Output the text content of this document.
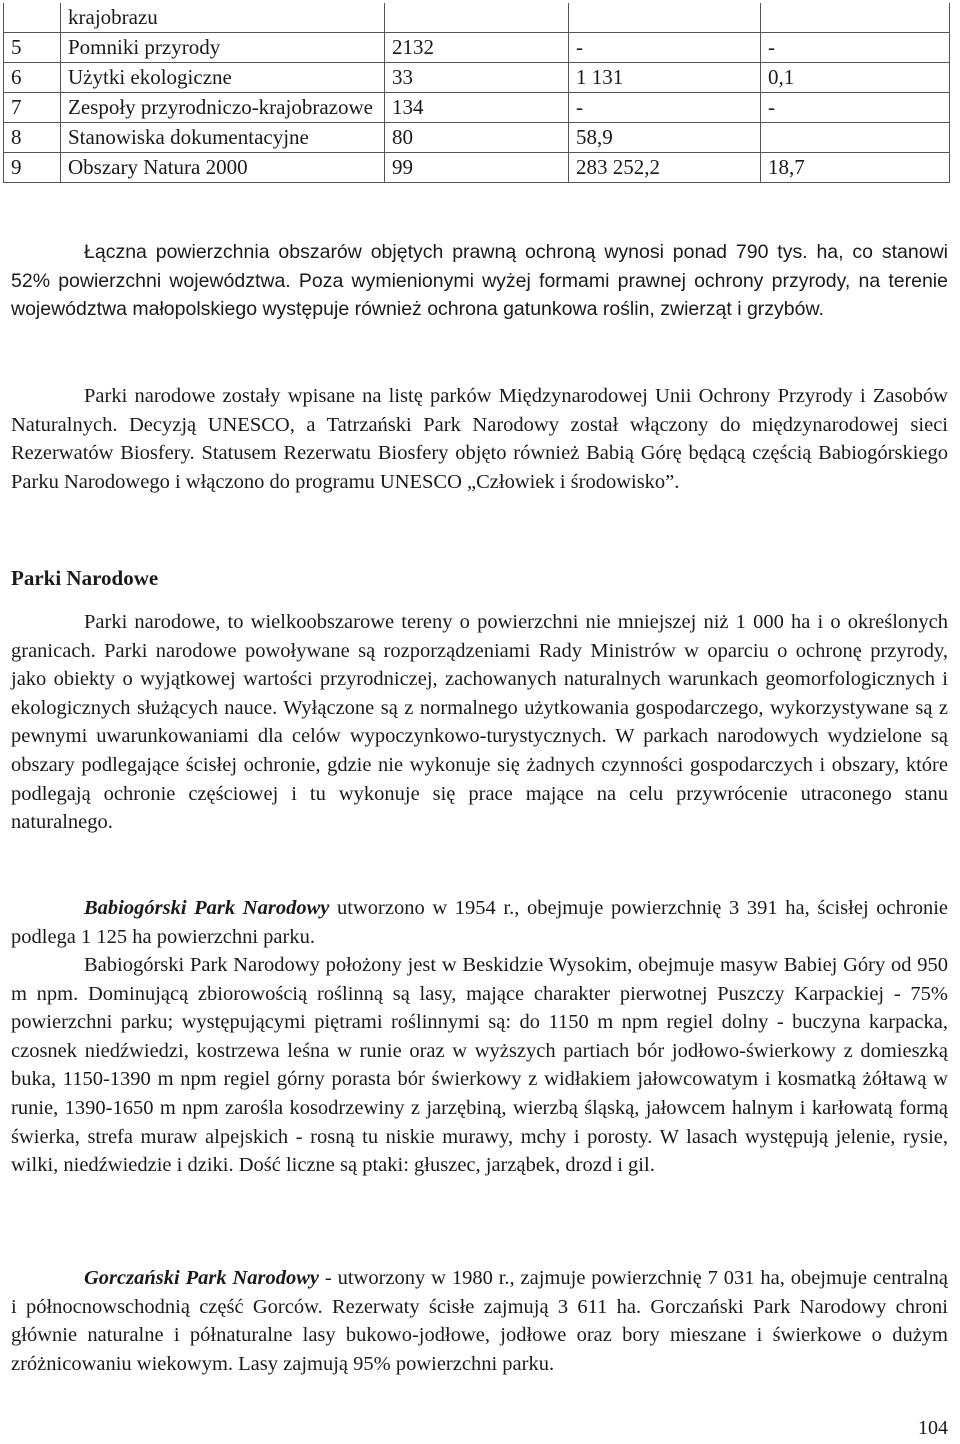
	krajobrazu			
5	Pomniki przyrody	2132	-	-
6	Użytki ekologiczne	33	1 131	0,1
7	Zespoły przyrodniczo-krajobrazowe	134	-	-
8	Stanowiska dokumentacyjne	80	58,9	
9	Obszary Natura 2000	99	283 252,2	18,7

Łączna powierzchnia obszarów objętych prawną ochroną wynosi ponad 790 tys. ha, co stanowi 52% powierzchni województwa. Poza wymienionymi wyżej formami prawnej ochrony przyrody, na terenie województwa małopolskiego występuje również ochrona gatunkowa roślin, zwierząt i grzybów.

Parki narodowe zostały wpisane na listę parków Międzynarodowej Unii Ochrony Przyrody i Zasobów Naturalnych. Decyzją UNESCO, a Tatrzański Park Narodowy został włączony do międzynarodowej sieci Rezerwatów Biosfery. Statusem Rezerwatu Biosfery objęto również Babią Górę będącą częścią Babiogórskiego Parku Narodowego i włączono do programu UNESCO „Człowiek i środowisko”.

Parki Narodowe

Parki narodowe, to wielkoobszarowe tereny o powierzchni nie mniejszej niż 1 000 ha i o określonych granicach. Parki narodowe powoływane są rozporządzeniami Rady Ministrów w oparciu o ochronę przyrody, jako obiekty o wyjątkowej wartości przyrodniczej, zachowanych naturalnych warunkach geomorfologicznych i ekologicznych służących nauce. Wyłączone są z normalnego użytkowania gospodarczego, wykorzystywane są z pewnymi uwarunkowaniami dla celów wypoczynkowo-turystycznych. W parkach narodowych wydzielone są obszary podlegające ścisłej ochronie, gdzie nie wykonuje się żadnych czynności gospodarczych i obszary, które podlegają ochronie częściowej i tu wykonuje się prace mające na celu przywrócenie utraconego stanu naturalnego.

Babiogórski Park Narodowy utworzono w 1954 r., obejmuje powierzchnię 3 391 ha, ścisłej ochronie podlega 1 125 ha powierzchni parku.

Babiogórski Park Narodowy położony jest w Beskidzie Wysokim, obejmuje masyw Babiej Góry od 950 m npm. Dominującą zbiorowością roślinną są lasy, mające charakter pierwotnej Puszczy Karpackiej - 75% powierzchni parku; występującymi piętrami roślinnymi są: do 1150 m npm regiel dolny - buczyna karpacka, czosnek niedźwiedzi, kostrzewa leśna w runie oraz w wyższych partiach bór jodłowo-świerkowy z domieszką buka, 1150-1390 m npm regiel górny porasta bór świerkowy z widłakiem jałowcowatym i kosmatką żółtawą w runie, 1390-1650 m npm zarośla kosodrzewiny z jarzębiną, wierzbą śląską, jałowcem halnym i karłowatą formą świerka, strefa muraw alpejskich - rosną tu niskie murawy, mchy i porosty. W lasach występują jelenie, rysie, wilki, niedźwiedzie i dziki. Dość liczne są ptaki: głuszec, jarząbek, drozd i gil.

Gorczański Park Narodowy - utworzony w 1980 r., zajmuje powierzchnię 7 031 ha, obejmuje centralną i północnowschodnią część Gorców. Rezerwaty ścisłe zajmują 3 611 ha. Gorczański Park Narodowy chroni głównie naturalne i półnaturalne lasy bukowo-jodłowe, jodłowe oraz bory mieszane i świerkowe o dużym zróżnicowaniu wiekowym. Lasy zajmują 95% powierzchni parku.

104
